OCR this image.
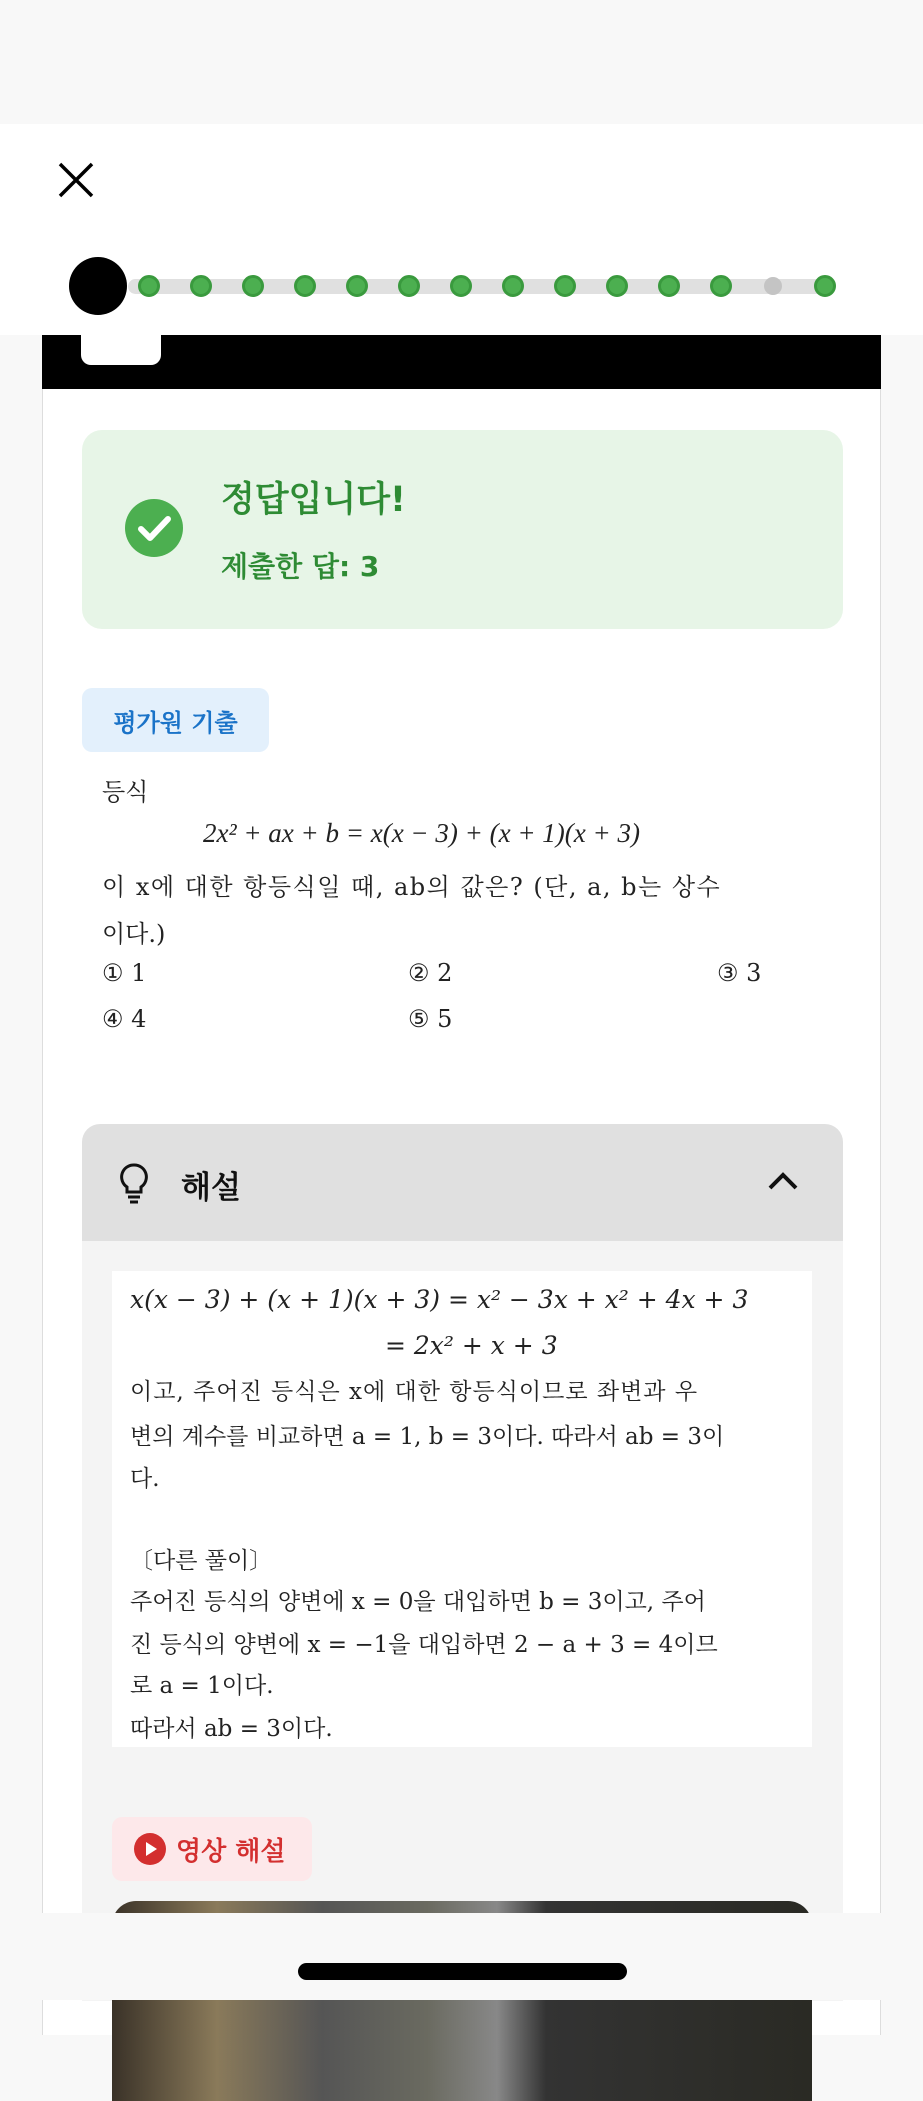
정답입니다!
제출한 답: 3
평가원 기출
등식
2x² + ax + b = x(x − 3) + (x + 1)(x + 3)
이 x에 대한 항등식일 때, ab의 값은? (단, a, b는 상수
이다.)
① 1	② 2	③ 3
④ 4	⑤ 5
해설
x(x − 3) + (x + 1)(x + 3) = x² − 3x + x² + 4x + 3
= 2x² + x + 3
이고, 주어진 등식은 x에 대한 항등식이므로 좌변과 우
변의 계수를 비교하면 a = 1, b = 3이다. 따라서 ab = 3이
다.
〔다른 풀이〕
주어진 등식의 양변에 x = 0을 대입하면 b = 3이고, 주어
진 등식의 양변에 x = −1을 대입하면 2 − a + 3 = 4이므
로 a = 1이다.
따라서 ab = 3이다.
영상 해설
